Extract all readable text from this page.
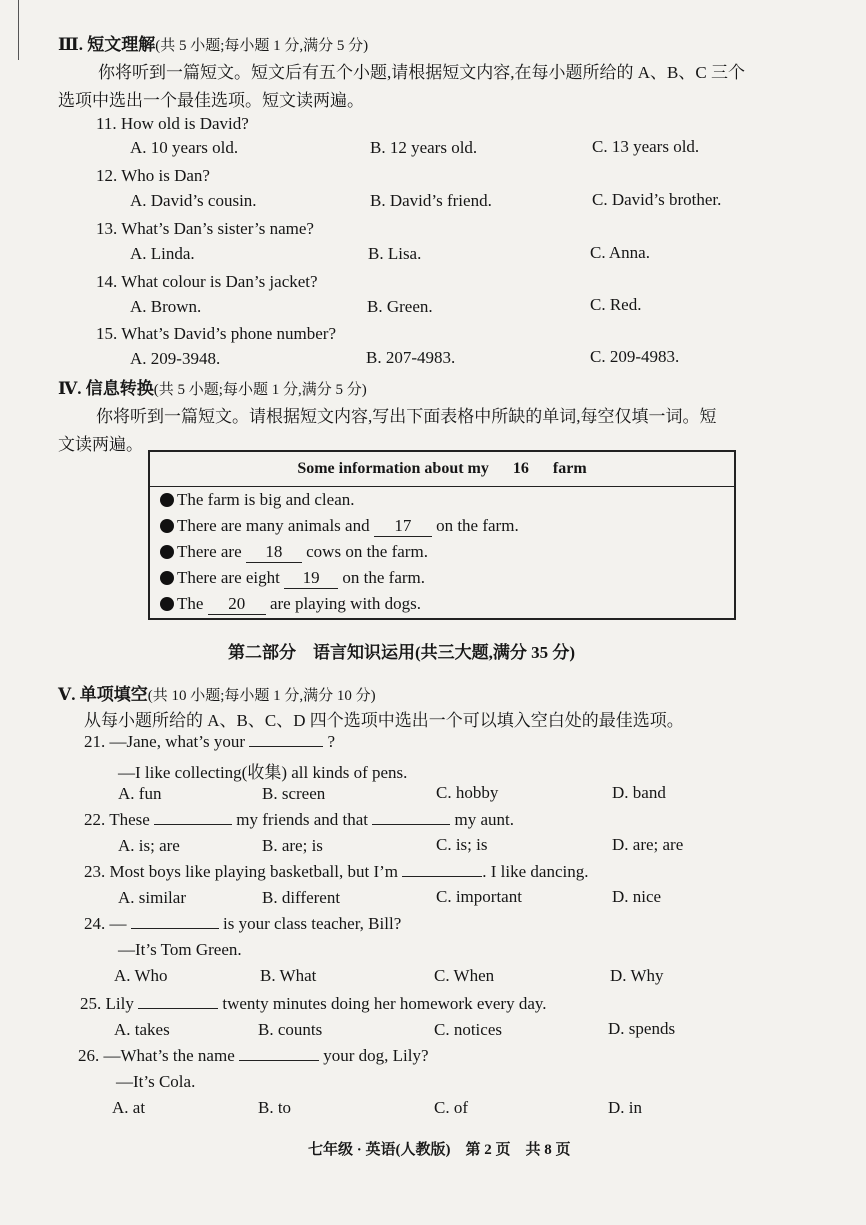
Ⅲ. 短文理解(共 5 小题;每小题 1 分,满分 5 分)
你将听到一篇短文。短文后有五个小题,请根据短文内容,在每小题所给的 A、B、C 三个
选项中选出一个最佳选项。短文读两遍。
11. How old is David?
A. 10 years old.	B. 12 years old.	C. 13 years old.
12. Who is Dan?
A. David’s cousin.	B. David’s friend.	C. David’s brother.
13. What’s Dan’s sister’s name?
A. Linda.	B. Lisa.	C. Anna.
14. What colour is Dan’s jacket?
A. Brown.	B. Green.	C. Red.
15. What’s David’s phone number?
A. 209-3948.	B. 207-4983.	C. 209-4983.
Ⅳ. 信息转换(共 5 小题;每小题 1 分,满分 5 分)
你将听到一篇短文。请根据短文内容,写出下面表格中所缺的单词,每空仅填一词。短
文读两遍。
Some information about my 16 farm
The farm is big and clean.
There are many animals and 17 on the farm.
There are 18 cows on the farm.
There are eight 19 on the farm.
The 20 are playing with dogs.
第二部分　语言知识运用(共三大题,满分 35 分)
Ⅴ. 单项填空(共 10 小题;每小题 1 分,满分 10 分)
从每小题所给的 A、B、C、D 四个选项中选出一个可以填入空白处的最佳选项。
21. —Jane, what’s your	?
—I like collecting(收集) all kinds of pens.
A. fun	B. screen	C. hobby	D. band
22. These	my friends and that	my aunt.
A. is; are	B. are; is	C. is; is	D. are; are
23. Most boys like playing basketball, but I’m	. I like dancing.
A. similar	B. different	C. important	D. nice
24. —	is your class teacher, Bill?
—It’s Tom Green.
A. Who	B. What	C. When	D. Why
25. Lily	twenty minutes doing her homework every day.
A. takes	B. counts	C. notices	D. spends
26. —What’s the name	your dog, Lily?
—It’s Cola.
A. at	B. to	C. of	D. in
七年级 · 英语(人教版)　第 2 页　共 8 页
